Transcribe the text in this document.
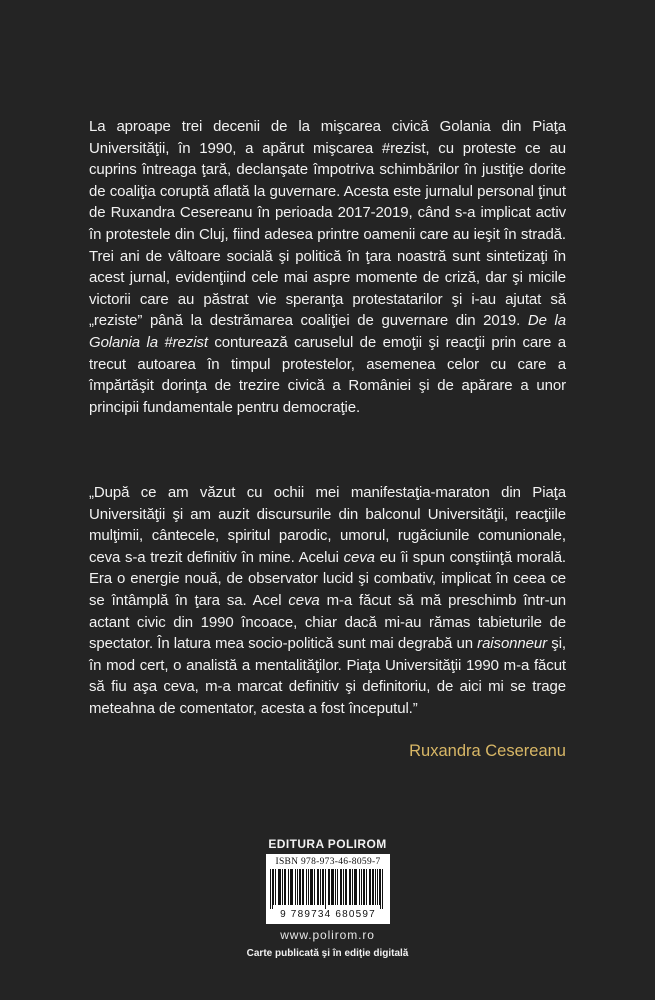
La aproape trei decenii de la mişcarea civică Golania din Piaţa Universităţii, în 1990, a apărut mişcarea #rezist, cu proteste ce au cuprins întreaga ţară, declanşate împotriva schimbărilor în justiţie dorite de coaliţia coruptă aflată la guvernare. Acesta este jurnalul personal ţinut de Ruxandra Cesereanu în perioada 2017-2019, când s-a implicat activ în protestele din Cluj, fiind adesea printre oamenii care au ieşit în stradă. Trei ani de vâltoare socială şi politică în ţara noastră sunt sintetizaţi în acest jurnal, evidenţiind cele mai aspre momente de criză, dar şi micile victorii care au păstrat vie speranţa protestatarilor şi i-au ajutat să „reziste” până la destrămarea coaliţiei de guvernare din 2019. De la Golania la #rezist conturează caruselul de emoţii şi reacţii prin care a trecut autoarea în timpul protestelor, asemenea celor cu care a împărtăşit dorinţa de trezire civică a României şi de apărare a unor principii fundamentale pentru democraţie.

„După ce am văzut cu ochii mei manifestaţia-maraton din Piaţa Universităţii şi am auzit discursurile din balconul Universităţii, reacţiile mulţimii, cântecele, spiritul parodic, umorul, rugăciunile comunionale, ceva s-a trezit definitiv în mine. Acelui ceva eu îi spun conştiinţă morală. Era o energie nouă, de observator lucid şi combativ, implicat în ceea ce se întâmplă în ţara sa. Acel ceva m-a făcut să mă preschimb într-un actant civic din 1990 încoace, chiar dacă mi-au rămas tabieturile de spectator. În latura mea socio-politică sunt mai degrabă un raisonneur şi, în mod cert, o analistă a mentalităţilor. Piaţa Universităţii 1990 m-a făcut să fiu aşa ceva, m-a marcat definitiv şi definitoriu, de aici mi se trage meteahna de comentator, acesta a fost începutul.”

Ruxandra Cesereanu

EDITURA POLIROM

ISBN 978-973-46-8059-7
9 789734 680597

www.polirom.ro

Carte publicată şi în ediţie digitală
